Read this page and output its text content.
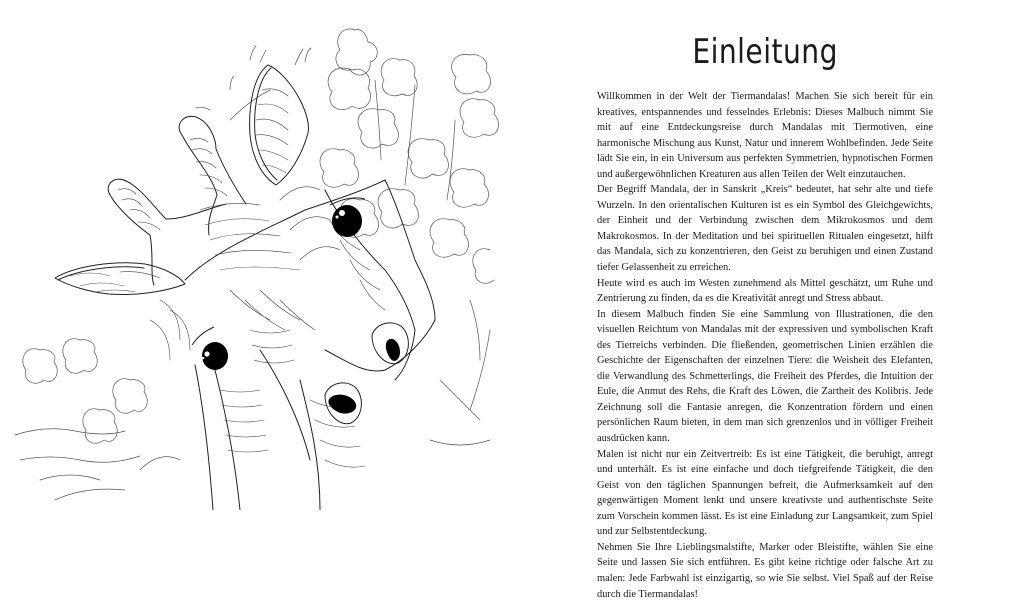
Einleitung

Willkommen in der Welt der Tiermandalas! Machen Sie sich bereit für ein kreatives, entspannendes und fesselndes Erlebnis: Dieses Malbuch nimmt Sie mit auf eine Entdeckungsreise durch Mandalas mit Tiermotiven, eine harmonische Mischung aus Kunst, Natur und innerem Wohlbefinden. Jede Seite lädt Sie ein, in ein Universum aus perfekten Symmetrien, hypnotischen Formen und außergewöhnlichen Kreaturen aus allen Teilen der Welt einzutauchen.

Der Begriff Mandala, der in Sanskrit „Kreis“ bedeutet, hat sehr alte und tiefe Wurzeln. In den orientalischen Kulturen ist es ein Symbol des Gleichgewichts, der Einheit und der Verbindung zwischen dem Mikrokosmos und dem Makrokosmos. In der Meditation und bei spirituellen Ritualen eingesetzt, hilft das Mandala, sich zu konzentrieren, den Geist zu beruhigen und einen Zustand tiefer Gelassenheit zu erreichen.

Heute wird es auch im Westen zunehmend als Mittel geschätzt, um Ruhe und Zentrierung zu finden, da es die Kreativität anregt und Stress abbaut.

In diesem Malbuch finden Sie eine Sammlung von Illustrationen, die den visuellen Reichtum von Mandalas mit der expressiven und symbolischen Kraft des Tierreichs verbinden. Die fließenden, geometrischen Linien erzählen die Geschichte der Eigenschaften der einzelnen Tiere: die Weisheit des Elefanten, die Verwandlung des Schmetterlings, die Freiheit des Pferdes, die Intuition der Eule, die Anmut des Rehs, die Kraft des Löwen, die Zartheit des Kolibris. Jede Zeichnung soll die Fantasie anregen, die Konzentration fördern und einen persönlichen Raum bieten, in dem man sich grenzenlos und in völliger Freiheit ausdrücken kann.

Malen ist nicht nur ein Zeitvertreib: Es ist eine Tätigkeit, die beruhigt, anregt und unterhält. Es ist eine einfache und doch tiefgreifende Tätigkeit, die den Geist von den täglichen Spannungen befreit, die Aufmerksamkeit auf den gegenwärtigen Moment lenkt und unsere kreativste und authentischste Seite zum Vorschein kommen lässt. Es ist eine Einladung zur Langsamkeit, zum Spiel und zur Selbstentdeckung.

Nehmen Sie Ihre Lieblingsmalstifte, Marker oder Bleistifte, wählen Sie eine Seite und lassen Sie sich entführen. Es gibt keine richtige oder falsche Art zu malen: Jede Farbwahl ist einzigartig, so wie Sie selbst. Viel Spaß auf der Reise durch die Tiermandalas!
